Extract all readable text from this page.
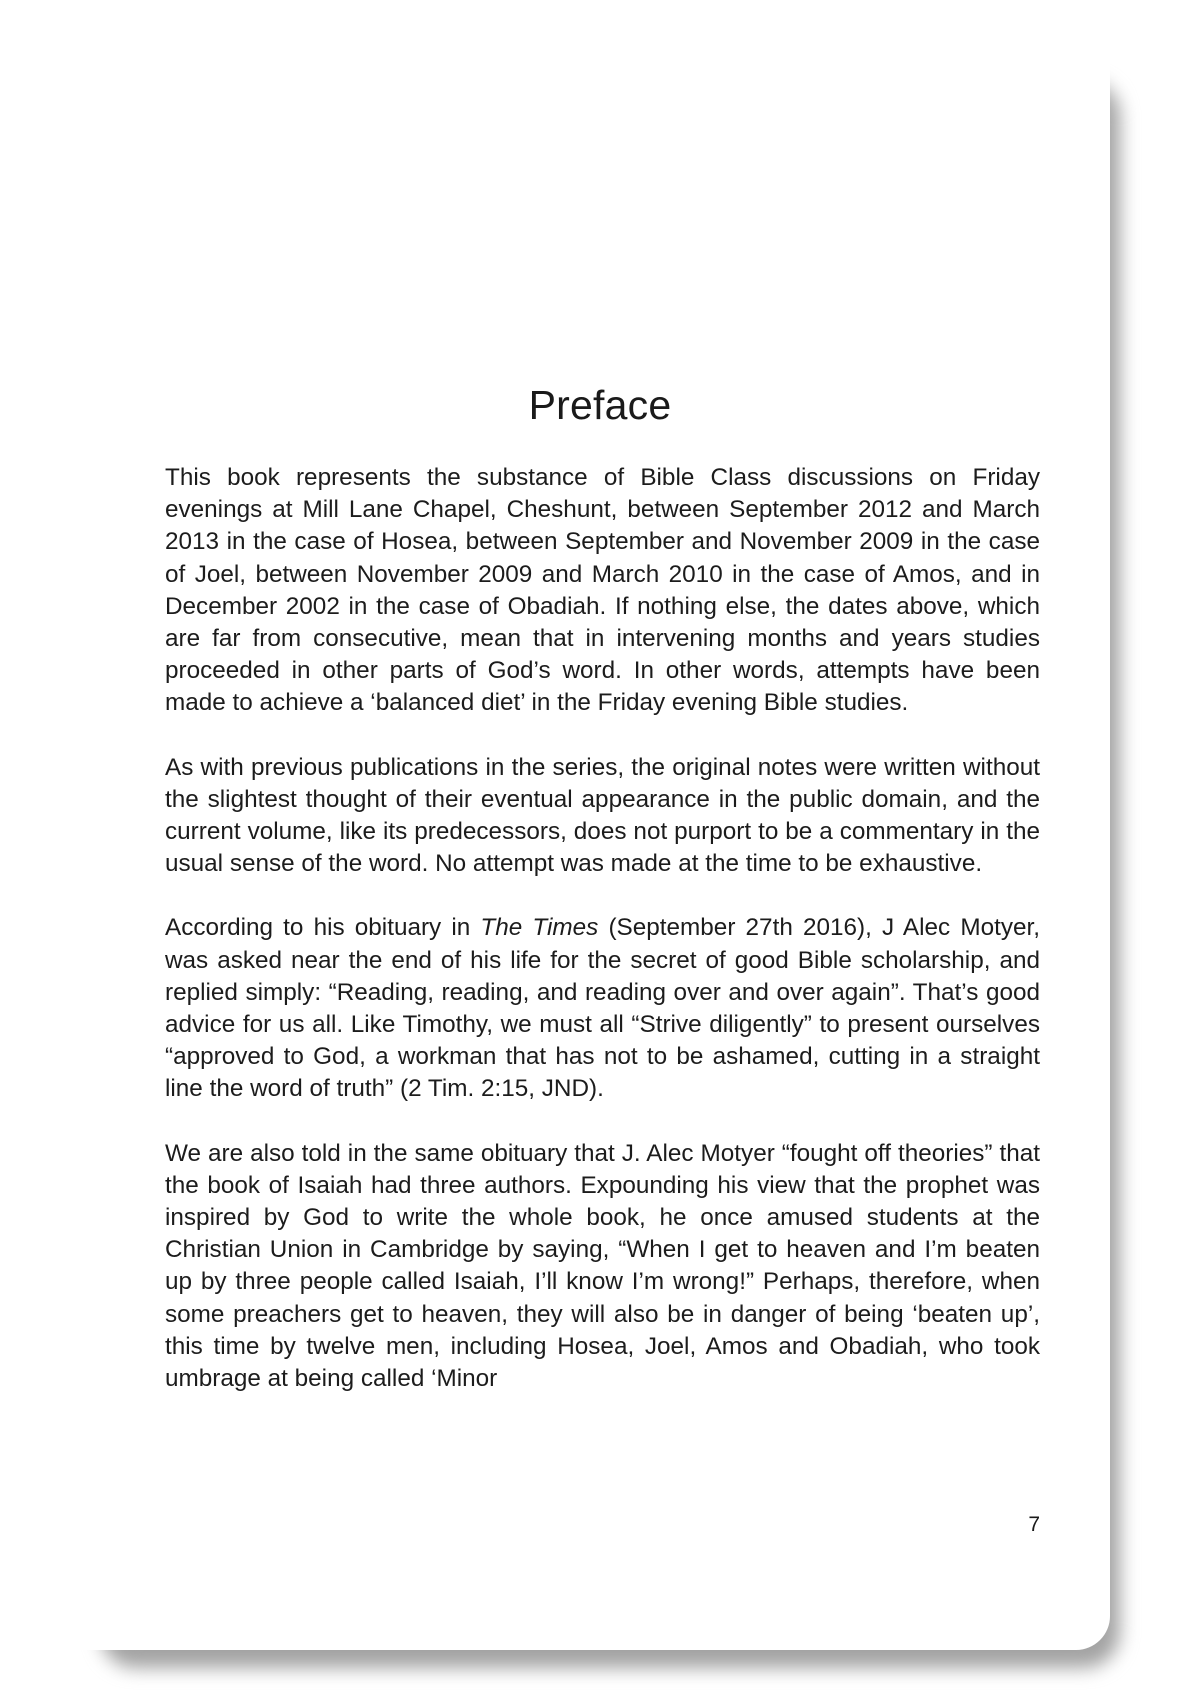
Preface

This book represents the substance of Bible Class discussions on Friday evenings at Mill Lane Chapel, Cheshunt, between September 2012 and March 2013 in the case of Hosea, between September and November 2009 in the case of Joel, between November 2009 and March 2010 in the case of Amos, and in December 2002 in the case of Obadiah. If nothing else, the dates above, which are far from consecutive, mean that in intervening months and years studies proceeded in other parts of God’s word. In other words, attempts have been made to achieve a ‘balanced diet’ in the Friday evening Bible studies.

As with previous publications in the series, the original notes were written without the slightest thought of their eventual appearance in the public domain, and the current volume, like its predecessors, does not purport to be a commentary in the usual sense of the word. No attempt was made at the time to be exhaustive.

According to his obituary in The Times (September 27th 2016), J Alec Motyer, was asked near the end of his life for the secret of good Bible scholarship, and replied simply: “Reading, reading, and reading over and over again”. That’s good advice for us all. Like Timothy, we must all “Strive diligently” to present ourselves “approved to God, a workman that has not to be ashamed, cutting in a straight line the word of truth” (2 Tim. 2:15, JND).

We are also told in the same obituary that J. Alec Motyer “fought off theories” that the book of Isaiah had three authors. Expounding his view that the prophet was inspired by God to write the whole book, he once amused students at the Christian Union in Cambridge by saying, “When I get to heaven and I’m beaten up by three people called Isaiah, I’ll know I’m wrong!” Perhaps, therefore, when some preachers get to heaven, they will also be in danger of being ‘beaten up’, this time by twelve men, including Hosea, Joel, Amos and Obadiah, who took umbrage at being called ‘Minor

7
